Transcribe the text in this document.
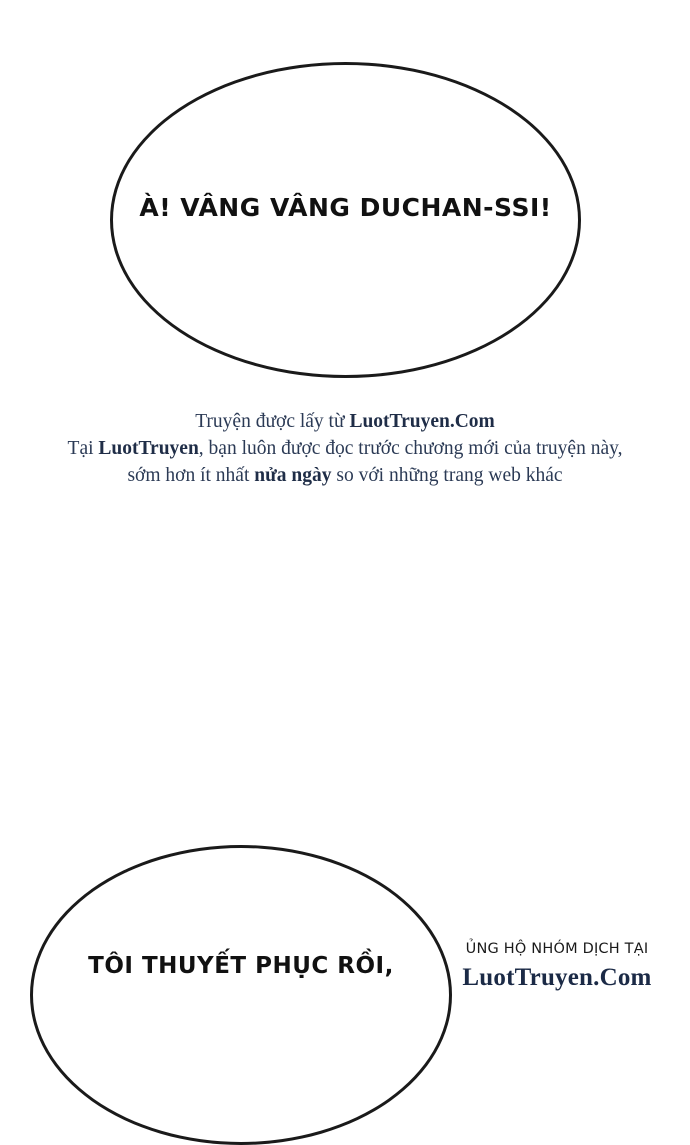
À! VÂNG VÂNG DUCHAN-SSI!
Truyện được lấy từ LuotTruyen.Com
Tại LuotTruyen, bạn luôn được đọc trước chương mới của truyện này,
sớm hơn ít nhất nửa ngày so với những trang web khác
TÔI THUYẾT PHỤC RỒI,
ỦNG HỘ NHÓM DỊCH TẠI
LuotTruyen.Com
